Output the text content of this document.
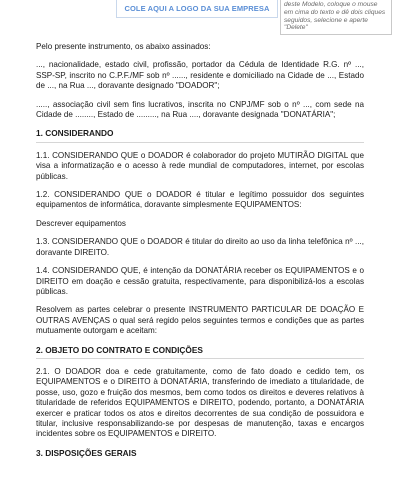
COLE AQUI A LOGO DA SUA EMPRESA	deste Modelo, coloque o mouse em cima do texto e dê dois cliques seguidos, selecione e aperte "Delete"

Pelo presente instrumento, os abaixo assinados:

..., nacionalidade, estado civil, profissão, portador da Cédula de Identidade R.G. nº ..., SSP-SP, inscrito no C.P.F./MF sob nº ......, residente e domiciliado na Cidade de ..., Estado de ..., na Rua ..., doravante designado "DOADOR";

....., associação civil sem fins lucrativos, inscrita no CNPJ/MF sob o nº ..., com sede na Cidade de ........, Estado de ........., na Rua ...., doravante designada "DONATÁRIA";

1. CONSIDERANDO

1.1. CONSIDERANDO QUE o DOADOR é colaborador do projeto MUTIRÃO DIGITAL que visa a informatização e o acesso à rede mundial de computadores, internet, por escolas públicas.

1.2. CONSIDERANDO QUE o DOADOR é titular e legítimo possuidor dos seguintes equipamentos de informática, doravante simplesmente EQUIPAMENTOS:

Descrever equipamentos

1.3. CONSIDERANDO QUE o DOADOR é titular do direito ao uso da linha telefônica nº ..., doravante DIREITO.

1.4. CONSIDERANDO QUE, é intenção da DONATÁRIA receber os EQUIPAMENTOS e o DIREITO em doação e cessão gratuita, respectivamente, para disponibilizá-los a escolas públicas.

Resolvem as partes celebrar o presente INSTRUMENTO PARTICULAR DE DOAÇÃO E OUTRAS AVENÇAS o qual será regido pelos seguintes termos e condições que as partes mutuamente outorgam e aceitam:

2. OBJETO DO CONTRATO E CONDIÇÕES

2.1. O DOADOR doa e cede gratuitamente, como de fato doado e cedido tem, os EQUIPAMENTOS e o DIREITO à DONATÁRIA, transferindo de imediato a titularidade, de posse, uso, gozo e fruição dos mesmos, bem como todos os direitos e deveres relativos à titularidade de referidos EQUIPAMENTOS e DIREITO, podendo, portanto, a DONATÁRIA exercer e praticar todos os atos e direitos decorrentes de sua condição de possuidora e titular, inclusive responsabilizando-se por despesas de manutenção, taxas e encargos incidentes sobre os EQUIPAMENTOS e DIREITO.

3. DISPOSIÇÕES GERAIS
